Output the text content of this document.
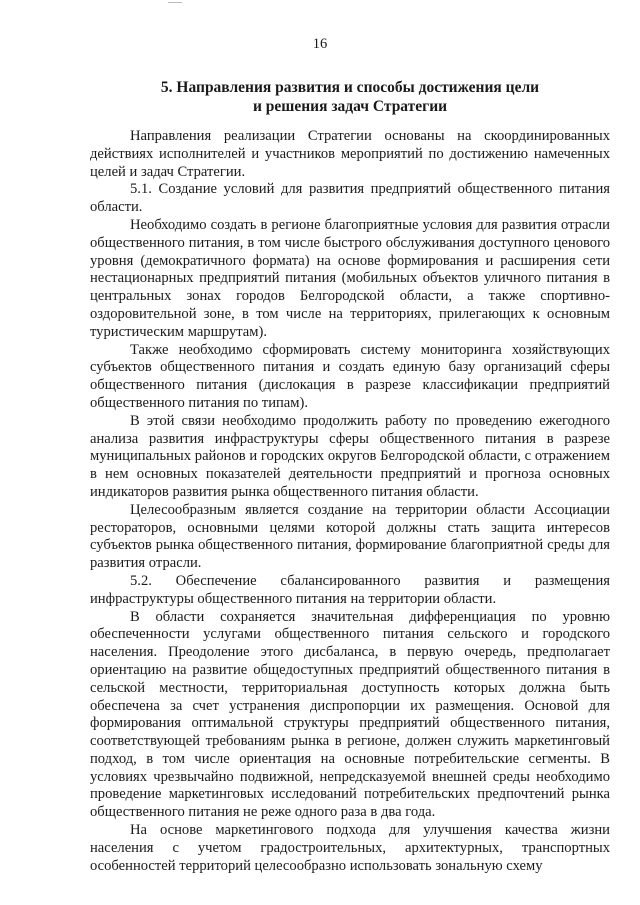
16
5. Направления развития и способы достижения цели
и решения задач Стратегии

Направления реализации Стратегии основаны на скоординированных действиях исполнителей и участников мероприятий по достижению намеченных целей и задач Стратегии.

5.1. Создание условий для развития предприятий общественного питания области.

Необходимо создать в регионе благоприятные условия для развития отрасли общественного питания, в том числе быстрого обслуживания доступного ценового уровня (демократичного формата) на основе формирования и расширения сети нестационарных предприятий питания (мобильных объектов уличного питания в центральных зонах городов Белгородской области, а также спортивно-оздоровительной зоне, в том числе на территориях, прилегающих к основным туристическим маршрутам).

Также необходимо сформировать систему мониторинга хозяйствующих субъектов общественного питания и создать единую базу организаций сферы общественного питания (дислокация в разрезе классификации предприятий общественного питания по типам).

В этой связи необходимо продолжить работу по проведению ежегодного анализа развития инфраструктуры сферы общественного питания в разрезе муниципальных районов и городских округов Белгородской области, с отражением в нем основных показателей деятельности предприятий и прогноза основных индикаторов развития рынка общественного питания области.

Целесообразным является создание на территории области Ассоциации рестораторов, основными целями которой должны стать защита интересов субъектов рынка общественного питания, формирование благоприятной среды для развития отрасли.

5.2. Обеспечение сбалансированного развития и размещения инфраструктуры общественного питания на территории области.

В области сохраняется значительная дифференциация по уровню обеспеченности услугами общественного питания сельского и городского населения. Преодоление этого дисбаланса, в первую очередь, предполагает ориентацию на развитие общедоступных предприятий общественного питания в сельской местности, территориальная доступность которых должна быть обеспечена за счет устранения диспропорции их размещения. Основой для формирования оптимальной структуры предприятий общественного питания, соответствующей требованиям рынка в регионе, должен служить маркетинговый подход, в том числе ориентация на основные потребительские сегменты. В условиях чрезвычайно подвижной, непредсказуемой внешней среды необходимо проведение маркетинговых исследований потребительских предпочтений рынка общественного питания не реже одного раза в два года.

На основе маркетингового подхода для улучшения качества жизни населения с учетом градостроительных, архитектурных, транспортных особенностей территорий целесообразно использовать зональную схему
